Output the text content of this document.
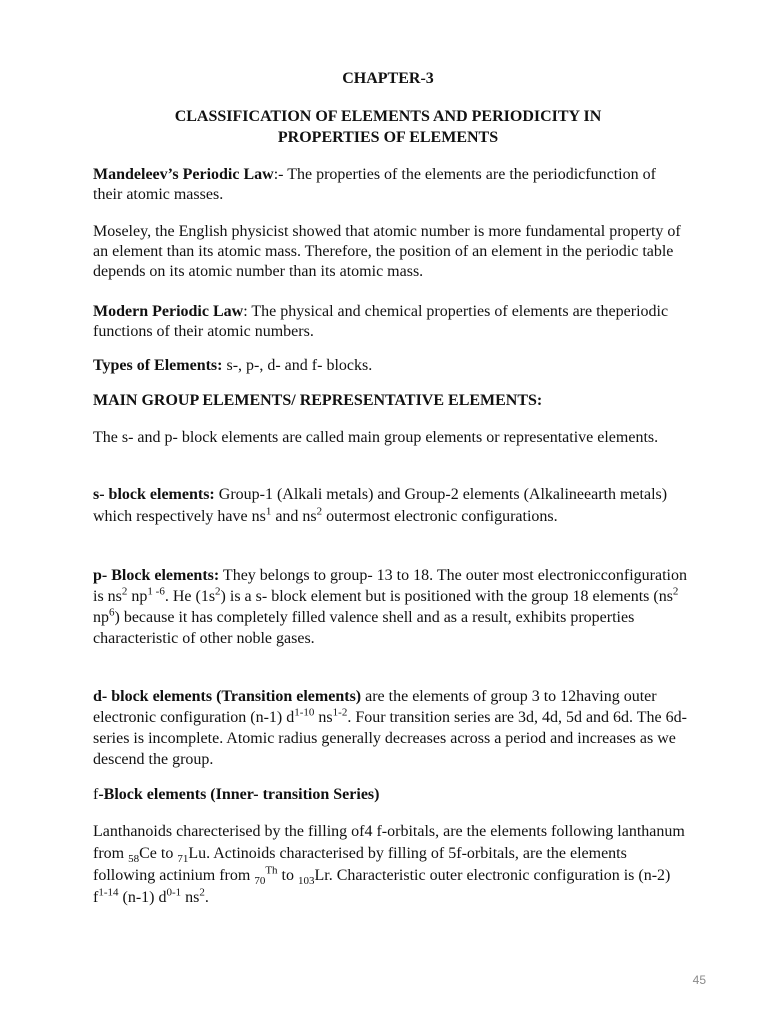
CHAPTER-3
CLASSIFICATION OF ELEMENTS AND PERIODICITY IN
PROPERTIES OF ELEMENTS

Mandeleev’s Periodic Law:- The properties of the elements are the periodicfunction of their atomic masses.

Moseley, the English physicist showed that atomic number is more fundamental property of an element than its atomic mass. Therefore, the position of an element in the periodic table depends on its atomic number than its atomic mass.

Modern Periodic Law: The physical and chemical properties of elements are theperiodic functions of their atomic numbers.

Types of Elements: s-, p-, d- and f- blocks.

MAIN GROUP ELEMENTS/ REPRESENTATIVE ELEMENTS:

The s- and p- block elements are called main group elements or representative elements.

s- block elements: Group-1 (Alkali metals) and Group-2 elements (Alkalineearth metals) which respectively have $ns^1$ and $ns^2$ outermost electronic configurations.

p- Block elements: They belongs to group- 13 to 18. The outer most electronicconfiguration is $ns^2$ $np^{1 -6}$. He $(1s^2)$ is a s- block element but is positioned with the group 18 elements ($ns^2$ $np^6$) because it has completely filled valence shell and as a result, exhibits properties characteristic of other noble gases.

d- block elements (Transition elements) are the elements of group 3 to 12having outer electronic configuration (n-1) $d^{1-10}$ $ns^{1-2}$. Four transition series are 3d, 4d, 5d and 6d. The 6d- series is incomplete. Atomic radius generally decreases across a period and increases as we descend the group.

f-Block elements (Inner- transition Series)

Lanthanoids charecterised by the filling of4 f-orbitals, are the elements following lanthanum from $_{58}$Ce to $_{71}$Lu. Actinoids characterised by filling of 5f-orbitals, are the elements following actinium from $_{70}^{Th}$ to $_{103}$Lr. Characteristic outer electronic configuration is (n-2) $f^{1-14}$ (n-1) $d^{0-1}$ $ns^2$.

45
